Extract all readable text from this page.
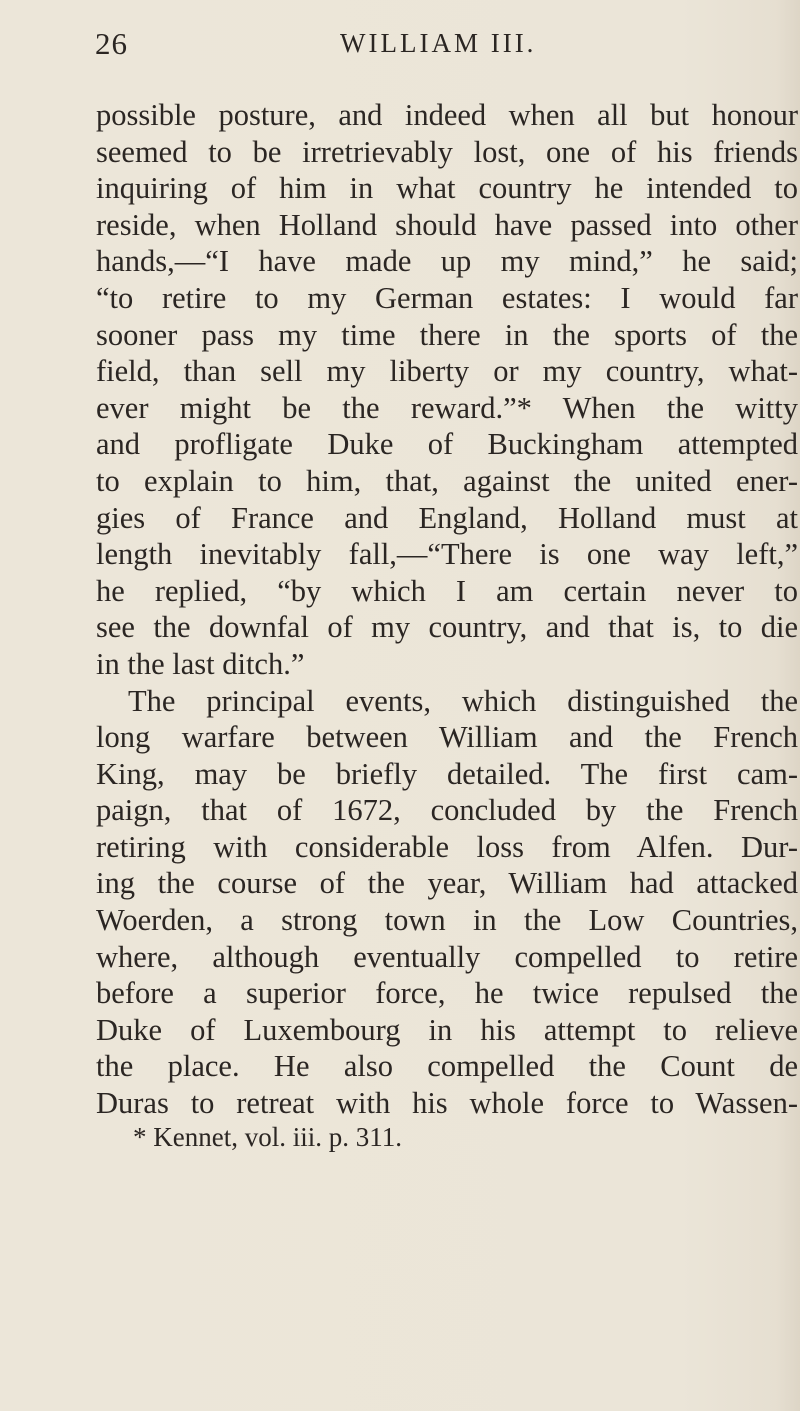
26	WILLIAM III.
possible posture, and indeed when all but honour
seemed to be irretrievably lost, one of his friends
inquiring of him in what country he intended to
reside, when Holland should have passed into other
hands,—“I have made up my mind,” he said;
“to retire to my German estates: I would far
sooner pass my time there in the sports of the
field, than sell my liberty or my country, what-
ever might be the reward.”* When the witty
and profligate Duke of Buckingham attempted
to explain to him, that, against the united ener-
gies of France and England, Holland must at
length inevitably fall,—“There is one way left,”
he replied, “by which I am certain never to
see the downfal of my country, and that is, to die
in the last ditch.”
The principal events, which distinguished the
long warfare between William and the French
King, may be briefly detailed. The first cam-
paign, that of 1672, concluded by the French
retiring with considerable loss from Alfen. Dur-
ing the course of the year, William had attacked
Woerden, a strong town in the Low Countries,
where, although eventually compelled to retire
before a superior force, he twice repulsed the
Duke of Luxembourg in his attempt to relieve
the place. He also compelled the Count de
Duras to retreat with his whole force to Wassen-
* Kennet, vol. iii. p. 311.
